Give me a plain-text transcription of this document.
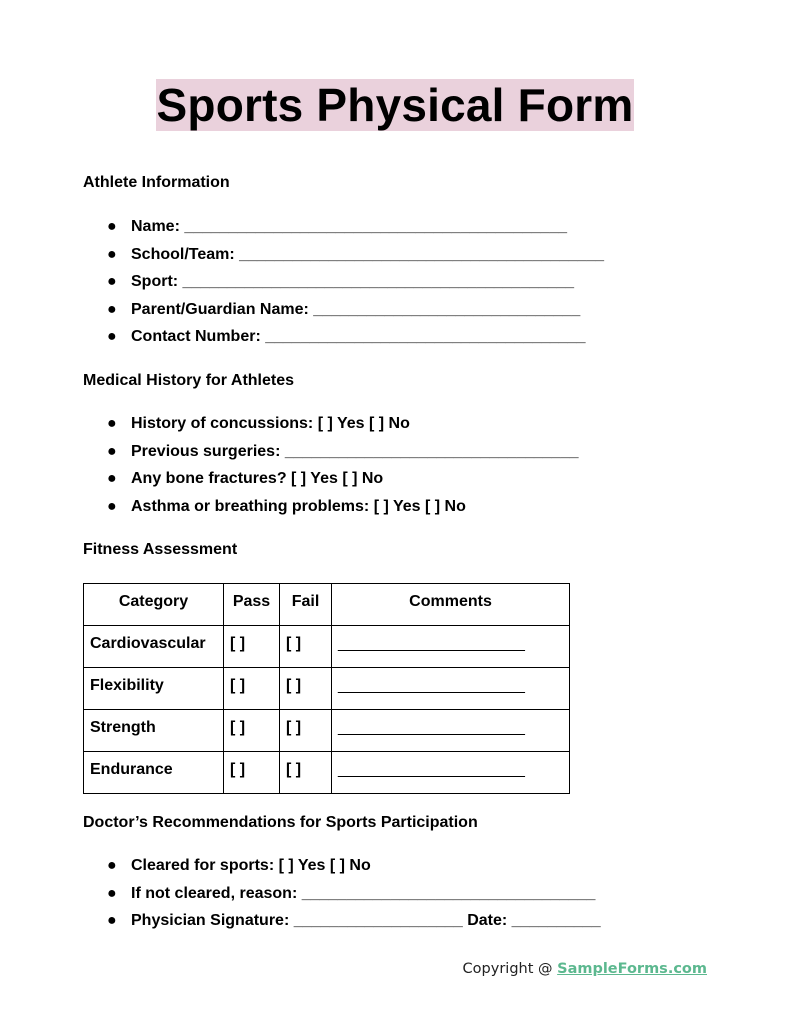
Sports Physical Form
Athlete Information
● Name: ___________________________________________
● School/Team: _________________________________________
● Sport: ____________________________________________
● Parent/Guardian Name: ______________________________
● Contact Number: ____________________________________
Medical History for Athletes
● History of concussions: [ ] Yes [ ] No
● Previous surgeries: _________________________________
● Any bone fractures? [ ] Yes [ ] No
● Asthma or breathing problems: [ ] Yes [ ] No
Fitness Assessment
Category	Pass	Fail	Comments
Cardiovascular	[ ]	[ ]	_____________________
Flexibility	[ ]	[ ]	_____________________
Strength	[ ]	[ ]	_____________________
Endurance	[ ]	[ ]	_____________________
Doctor’s Recommendations for Sports Participation
● Cleared for sports: [ ] Yes [ ] No
● If not cleared, reason: _________________________________
● Physician Signature: ___________________ Date: __________
Copyright @ SampleForms.com
